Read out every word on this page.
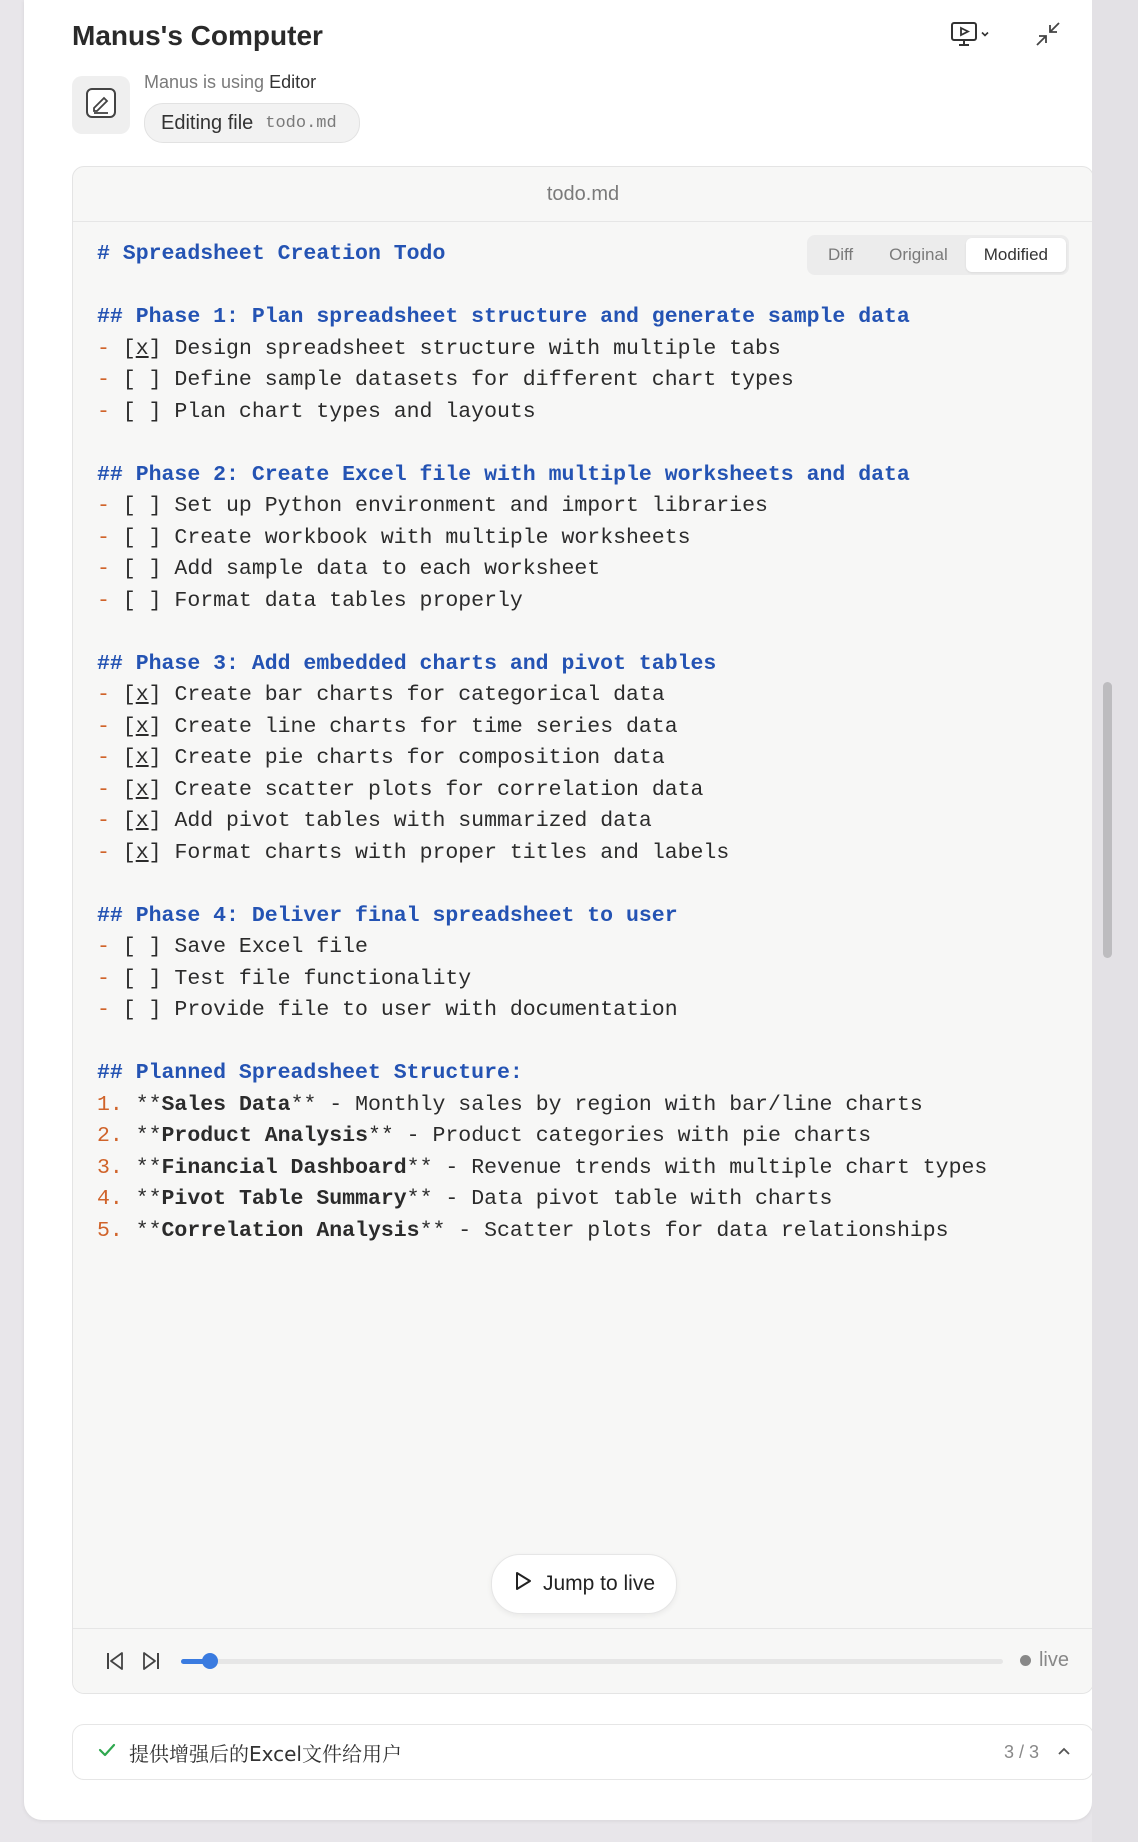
Manus's Computer
Manus is using Editor
Editing file todo.md
todo.md
Diff	Original	Modified
# Spreadsheet Creation Todo
## Phase 1: Plan spreadsheet structure and generate sample data
- [x] Design spreadsheet structure with multiple tabs
- [ ] Define sample datasets for different chart types
- [ ] Plan chart types and layouts
## Phase 2: Create Excel file with multiple worksheets and data
- [ ] Set up Python environment and import libraries
- [ ] Create workbook with multiple worksheets
- [ ] Add sample data to each worksheet
- [ ] Format data tables properly
## Phase 3: Add embedded charts and pivot tables
- [x] Create bar charts for categorical data
- [x] Create line charts for time series data
- [x] Create pie charts for composition data
- [x] Create scatter plots for correlation data
- [x] Add pivot tables with summarized data
- [x] Format charts with proper titles and labels
## Phase 4: Deliver final spreadsheet to user
- [ ] Save Excel file
- [ ] Test file functionality
- [ ] Provide file to user with documentation
## Planned Spreadsheet Structure:
1. **Sales Data** - Monthly sales by region with bar/line charts
2. **Product Analysis** - Product categories with pie charts
3. **Financial Dashboard** - Revenue trends with multiple chart types
4. **Pivot Table Summary** - Data pivot table with charts
5. **Correlation Analysis** - Scatter plots for data relationships
Jump to live
live
提供增强后的Excel文件给用户	3 / 3
